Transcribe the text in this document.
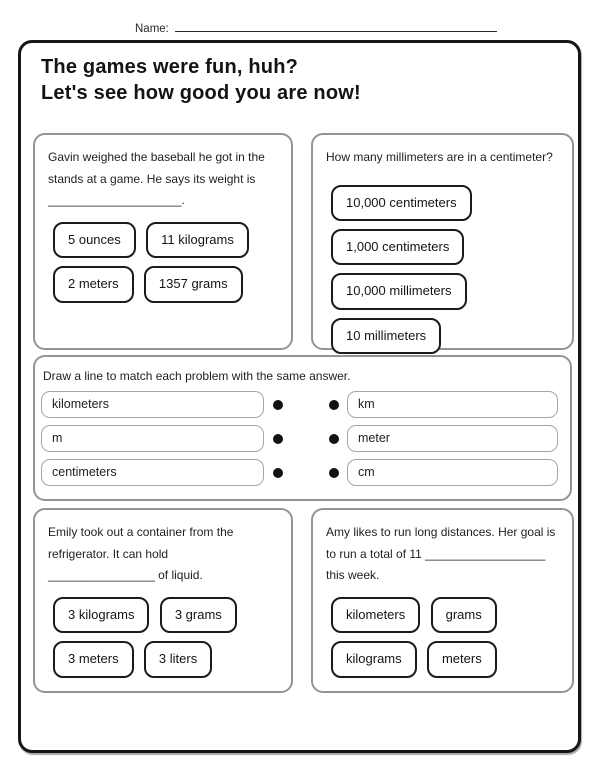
Name:
The games were fun, huh?
Let's see how good you are now!
Gavin weighed the baseball he got in the stands at a game. He says its weight is ____________________.
5 ounces	11 kilograms
2 meters	1357 grams
How many millimeters are in a centimeter?
10,000 centimeters
1,000 centimeters
10,000 millimeters
10 millimeters
Draw a line to match each problem with the same answer.
kilometers	km
m	meter
centimeters	cm
Emily took out a container from the refrigerator. It can hold ________________ of liquid.
3 kilograms	3 grams
3 meters	3 liters
Amy likes to run long distances. Her goal is to run a total of 11 __________________ this week.
kilometers	grams
kilograms	meters
